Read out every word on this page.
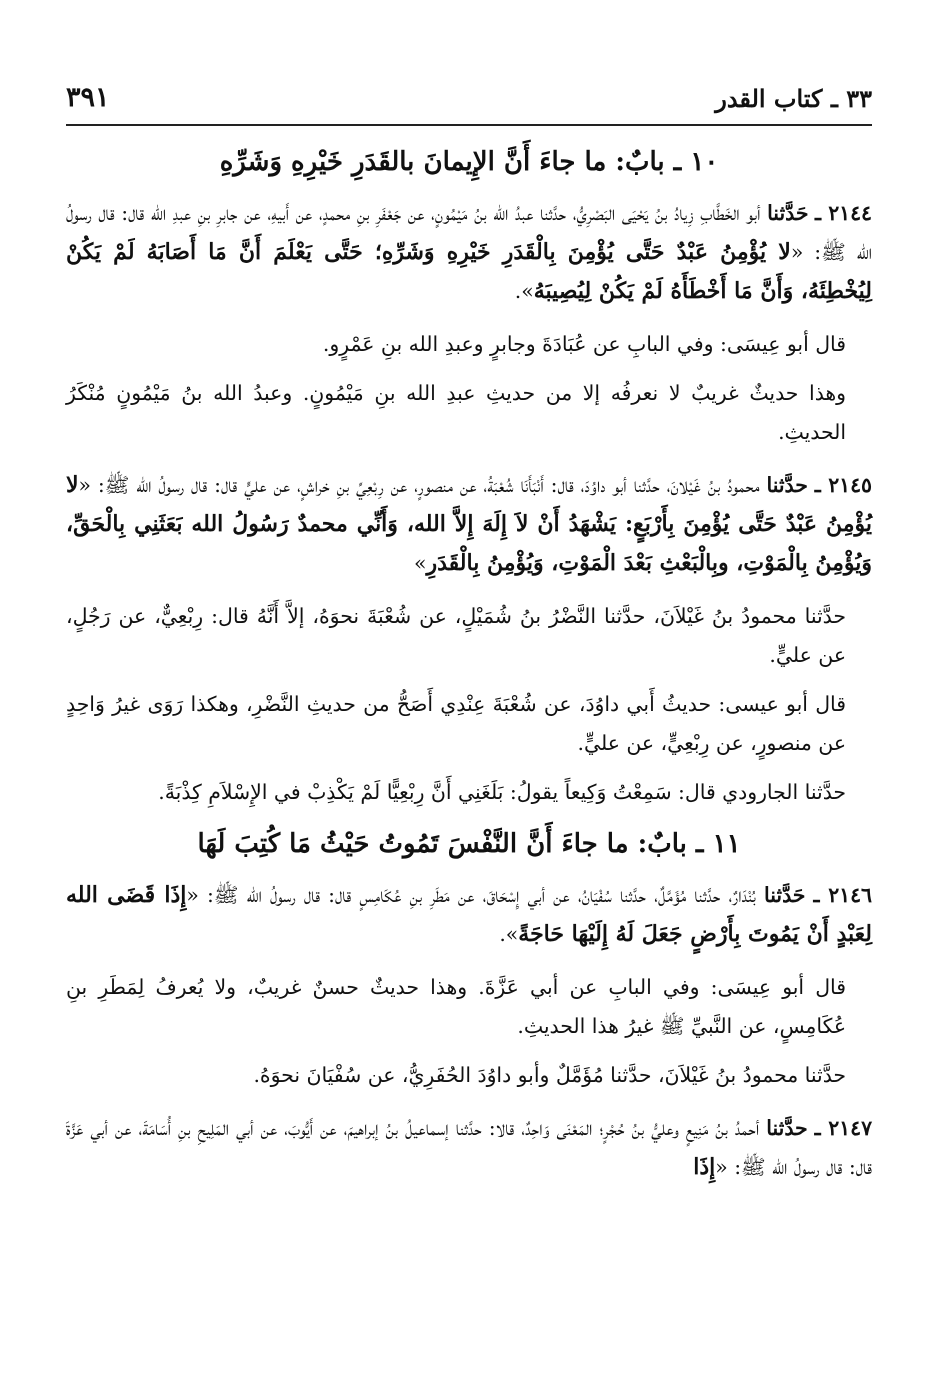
٣٣ ـ كتاب القدر
٣٩١
١٠ ـ بابٌ: ما جاءَ أَنَّ الإِيمانَ بالقَدَرِ خَيْرِهِ وَشَرِّهِ

٢١٤٤ ـ حَدَّثنا أبو الخَطَّابِ زِيادُ بنُ يَحْيَى البَصْرِيُّ، حدَّثنا عبدُ الله بنُ مَيْمُونٍ، عن جَعْفَرِ بنِ محمدٍ، عن أَبيهِ، عن جابرِ بنِ عبدِ الله قال: قال رسولُ الله ﷺ: «لا يُؤْمِنُ عَبْدٌ حَتَّى يُؤْمِنَ بِالْقَدَرِ خَيْرِهِ وَشَرِّهِ؛ حَتَّى يَعْلَمَ أَنَّ مَا أَصَابَهُ لَمْ يَكُنْ لِيُخْطِئَهُ، وَأَنَّ مَا أَخْطَأَهُ لَمْ يَكُنْ لِيُصِيبَهُ».

قال أبو عِيسَى: وفي البابِ عن عُبَادَةَ وجابرٍ وعبدِ الله بنِ عَمْرٍو.

وهذا حديثٌ غريبٌ لا نعرفُه إلا من حديثِ عبدِ الله بنِ مَيْمُونٍ. وعبدُ الله بنُ مَيْمُونٍ مُنْكَرُ الحديثِ.

٢١٤٥ ـ حدَّثنا محمودُ بنُ غَيْلانَ، حدَّثنا أبو داوُدَ، قال: أَنْبَأَنَا شُعْبَةُ، عن منصورٍ، عن رِبْعِيِّ بنِ خراشٍ، عن عليٍّ قال: قال رسولُ الله ﷺ: «لا يُؤْمِنُ عَبْدٌ حَتَّى يُؤْمِنَ بِأَرْبَعٍ: يَشْهَدُ أَنْ لاَ إِلَهَ إِلاَّ الله، وَأَنِّي محمدٌ رَسُولُ الله بَعَثَنِي بِالْحَقِّ، وَيُؤْمِنُ بِالْمَوْتِ، وبِالْبَعْثِ بَعْدَ الْمَوْتِ، وَيُؤْمِنُ بِالْقَدَرِ»

حدَّثنا محمودُ بنُ غَيْلاَنَ، حدَّثنا النَّضْرُ بنُ شُمَيْلٍ، عن شُعْبَةَ نحوَهُ، إلاَّ أَنَّهُ قال: رِبْعِيٌّ، عن رَجُلٍ، عن عليٍّ.

قال أبو عيسى: حديثُ أَبي داوُدَ، عن شُعْبَةَ عِنْدِي أَصَحُّ من حديثِ النَّضْرِ، وهكذا رَوَى غيرُ وَاحِدٍ عن منصورٍ، عن رِبْعِيٍّ، عن عليٍّ.

حدَّثنا الجارودي قال: سَمِعْتُ وَكِيعاً يقولُ: بَلَغَنِي أَنَّ رِبْعِيًّا لَمْ يَكْذِبْ في الإِسْلاَمِ كِذْبَةً.

١١ ـ بابٌ: ما جاءَ أَنَّ النَّفْسَ تَمُوتُ حَيْثُ مَا كُتِبَ لَهَا

٢١٤٦ ـ حَدَّثنا بُنْدَارٌ، حدَّثنا مُؤَمَّلٌ، حدَّثنا سُفْيَانُ، عن أبي إِسْحَاقَ، عن مَطَرِ بنِ عُكَامِسٍ قال: قال رسولُ الله ﷺ: «إِذَا قَضَى الله لِعَبْدٍ أَنْ يَمُوتَ بِأَرْضٍ جَعَلَ لَهُ إِلَيْهَا حَاجَةً».

قال أبو عِيسَى: وفي البابِ عن أبي عَزَّةَ. وهذا حديثٌ حسنٌ غريبٌ، ولا يُعرفُ لِمَطَرِ بنِ عُكَامِسٍ، عن النَّبيِّ ﷺ غيرُ هذا الحديثِ.

حدَّثنا محمودُ بنُ غَيْلاَنَ، حدَّثنا مُؤَمَّلٌ وأبو داوُدَ الحُفَرِيُّ، عن سُفْيَانَ نحوَهُ.

٢١٤٧ ـ حدَّثنا أحمدُ بنُ مَنِيعٍ وعليُّ بنُ حُجْرٍ؛ المَعْنَى وَاحِدٌ، قالا: حدَّثنا إسماعيلُ بنُ إبراهيمَ، عن أَيُّوبَ، عن أبي المَلِيحِ بنِ أُسَامَةَ، عن أبي عَزَّةَ قال: قال رسولُ الله ﷺ: «إِذَا
